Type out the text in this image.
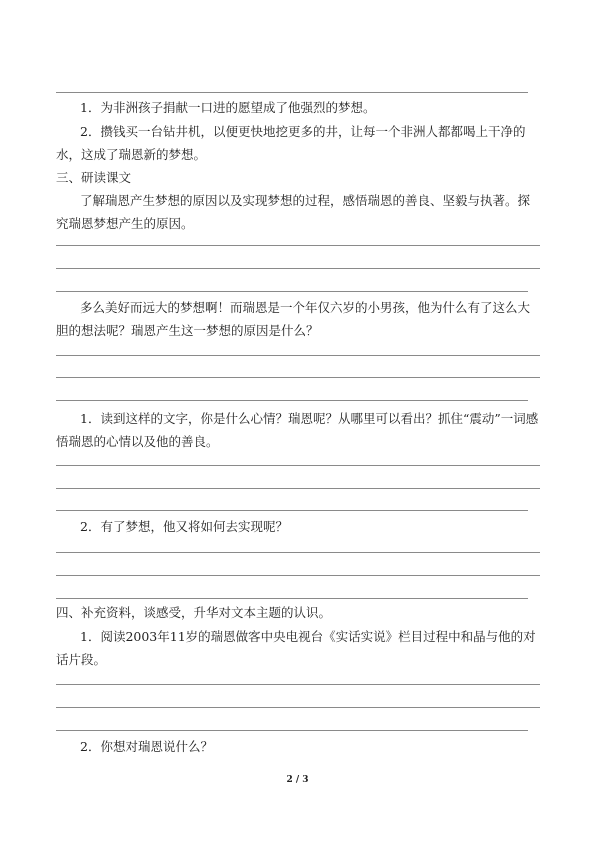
1．为非洲孩子捐献一口进的愿望成了他强烈的梦想。

2．攒钱买一台钻井机，以便更快地挖更多的井，让每一个非洲人都都喝上干净的水，这成了瑞恩新的梦想。

三、研读课文

了解瑞恩产生梦想的原因以及实现梦想的过程，感悟瑞恩的善良、坚毅与执著。探究瑞恩梦想产生的原因。

多么美好而远大的梦想啊！而瑞恩是一个年仅六岁的小男孩，他为什么有了这么大胆的想法呢？瑞恩产生这一梦想的原因是什么？

1．读到这样的文字，你是什么心情？瑞恩呢？从哪里可以看出？抓住“震动”一词感悟瑞恩的心情以及他的善良。

2．有了梦想，他又将如何去实现呢？

四、补充资料，谈感受，升华对文本主题的认识。

1．阅读2003年11岁的瑞恩做客中央电视台《实话实说》栏目过程中和晶与他的对话片段。

2．你想对瑞恩说什么？

2 / 3
